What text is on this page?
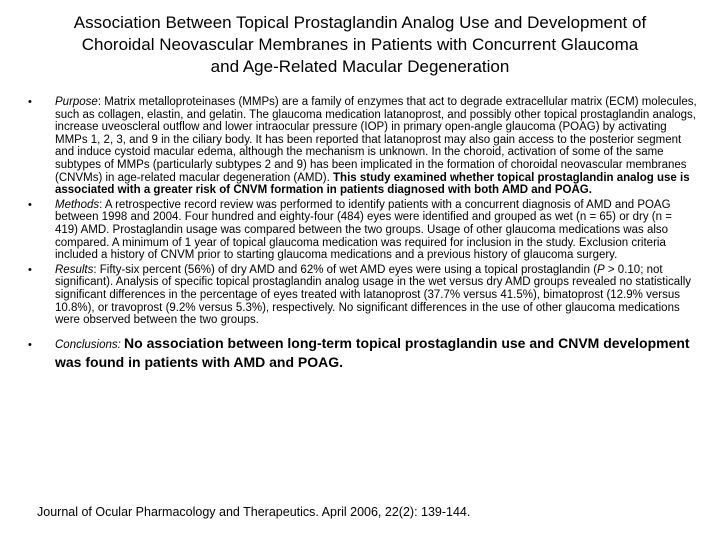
Association Between Topical Prostaglandin Analog Use and Development of
Choroidal Neovascular Membranes in Patients with Concurrent Glaucoma
and Age-Related Macular Degeneration
• Purpose: Matrix metalloproteinases (MMPs) are a family of enzymes that act to degrade extracellular matrix (ECM) molecules, such as collagen, elastin, and gelatin. The glaucoma medication latanoprost, and possibly other topical prostaglandin analogs, increase uveoscleral outflow and lower intraocular pressure (IOP) in primary open-angle glaucoma (POAG) by activating MMPs 1, 2, 3, and 9 in the ciliary body. It has been reported that latanoprost may also gain access to the posterior segment and induce cystoid macular edema, although the mechanism is unknown. In the choroid, activation of some of the same subtypes of MMPs (particularly subtypes 2 and 9) has been implicated in the formation of choroidal neovascular membranes (CNVMs) in age-related macular degeneration (AMD). This study examined whether topical prostaglandin analog use is associated with a greater risk of CNVM formation in patients diagnosed with both AMD and POAG.
• Methods: A retrospective record review was performed to identify patients with a concurrent diagnosis of AMD and POAG between 1998 and 2004. Four hundred and eighty-four (484) eyes were identified and grouped as wet (n = 65) or dry (n = 419) AMD. Prostaglandin usage was compared between the two groups. Usage of other glaucoma medications was also compared. A minimum of 1 year of topical glaucoma medication was required for inclusion in the study. Exclusion criteria included a history of CNVM prior to starting glaucoma medications and a previous history of glaucoma surgery.
• Results: Fifty-six percent (56%) of dry AMD and 62% of wet AMD eyes were using a topical prostaglandin (P > 0.10; not significant). Analysis of specific topical prostaglandin analog usage in the wet versus dry AMD groups revealed no statistically significant differences in the percentage of eyes treated with latanoprost (37.7% versus 41.5%), bimatoprost (12.9% versus 10.8%), or travoprost (9.2% versus 5.3%), respectively. No significant differences in the use of other glaucoma medications were observed between the two groups.
• Conclusions: No association between long-term topical prostaglandin use and CNVM development was found in patients with AMD and POAG.
Journal of Ocular Pharmacology and Therapeutics. April 2006, 22(2): 139-144.
